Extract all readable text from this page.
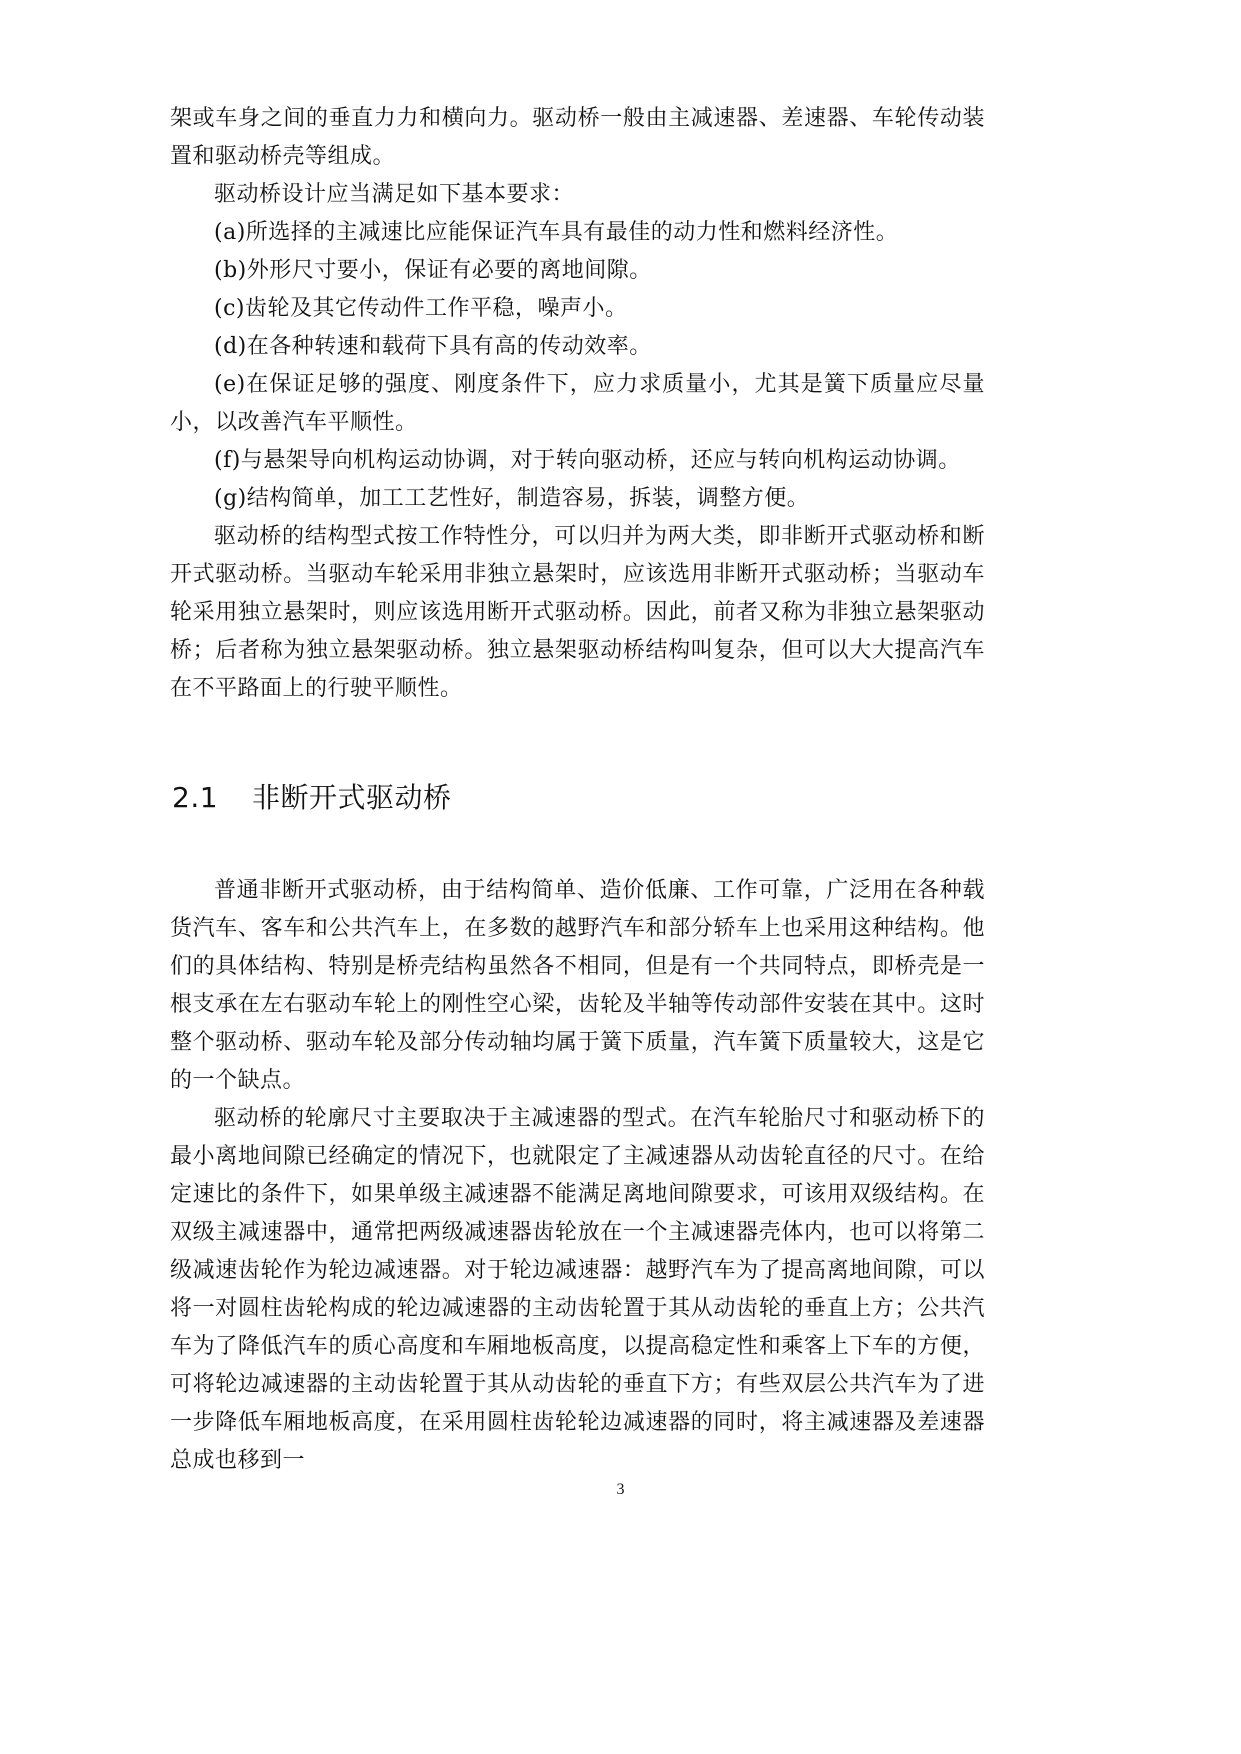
架或车身之间的垂直力力和横向力。驱动桥一般由主减速器、差速器、车轮传动装置和驱动桥壳等组成。

驱动桥设计应当满足如下基本要求：

(a)所选择的主减速比应能保证汽车具有最佳的动力性和燃料经济性。

(b)外形尺寸要小，保证有必要的离地间隙。

(c)齿轮及其它传动件工作平稳，噪声小。

(d)在各种转速和载荷下具有高的传动效率。

(e)在保证足够的强度、刚度条件下，应力求质量小，尤其是簧下质量应尽量小，以改善汽车平顺性。

(f)与悬架导向机构运动协调，对于转向驱动桥，还应与转向机构运动协调。

(g)结构简单，加工工艺性好，制造容易，拆装，调整方便。

驱动桥的结构型式按工作特性分，可以归并为两大类，即非断开式驱动桥和断开式驱动桥。当驱动车轮采用非独立悬架时，应该选用非断开式驱动桥；当驱动车轮采用独立悬架时，则应该选用断开式驱动桥。因此，前者又称为非独立悬架驱动桥；后者称为独立悬架驱动桥。独立悬架驱动桥结构叫复杂，但可以大大提高汽车在不平路面上的行驶平顺性。

2.1 非断开式驱动桥

普通非断开式驱动桥，由于结构简单、造价低廉、工作可靠，广泛用在各种载货汽车、客车和公共汽车上，在多数的越野汽车和部分轿车上也采用这种结构。他们的具体结构、特别是桥壳结构虽然各不相同，但是有一个共同特点，即桥壳是一根支承在左右驱动车轮上的刚性空心梁，齿轮及半轴等传动部件安装在其中。这时整个驱动桥、驱动车轮及部分传动轴均属于簧下质量，汽车簧下质量较大，这是它的一个缺点。

驱动桥的轮廓尺寸主要取决于主减速器的型式。在汽车轮胎尺寸和驱动桥下的最小离地间隙已经确定的情况下，也就限定了主减速器从动齿轮直径的尺寸。在给定速比的条件下，如果单级主减速器不能满足离地间隙要求，可该用双级结构。在双级主减速器中，通常把两级减速器齿轮放在一个主减速器壳体内，也可以将第二级减速齿轮作为轮边减速器。对于轮边减速器：越野汽车为了提高离地间隙，可以将一对圆柱齿轮构成的轮边减速器的主动齿轮置于其从动齿轮的垂直上方；公共汽车为了降低汽车的质心高度和车厢地板高度，以提高稳定性和乘客上下车的方便，可将轮边减速器的主动齿轮置于其从动齿轮的垂直下方；有些双层公共汽车为了进一步降低车厢地板高度，在采用圆柱齿轮轮边减速器的同时，将主减速器及差速器总成也移到一

3
